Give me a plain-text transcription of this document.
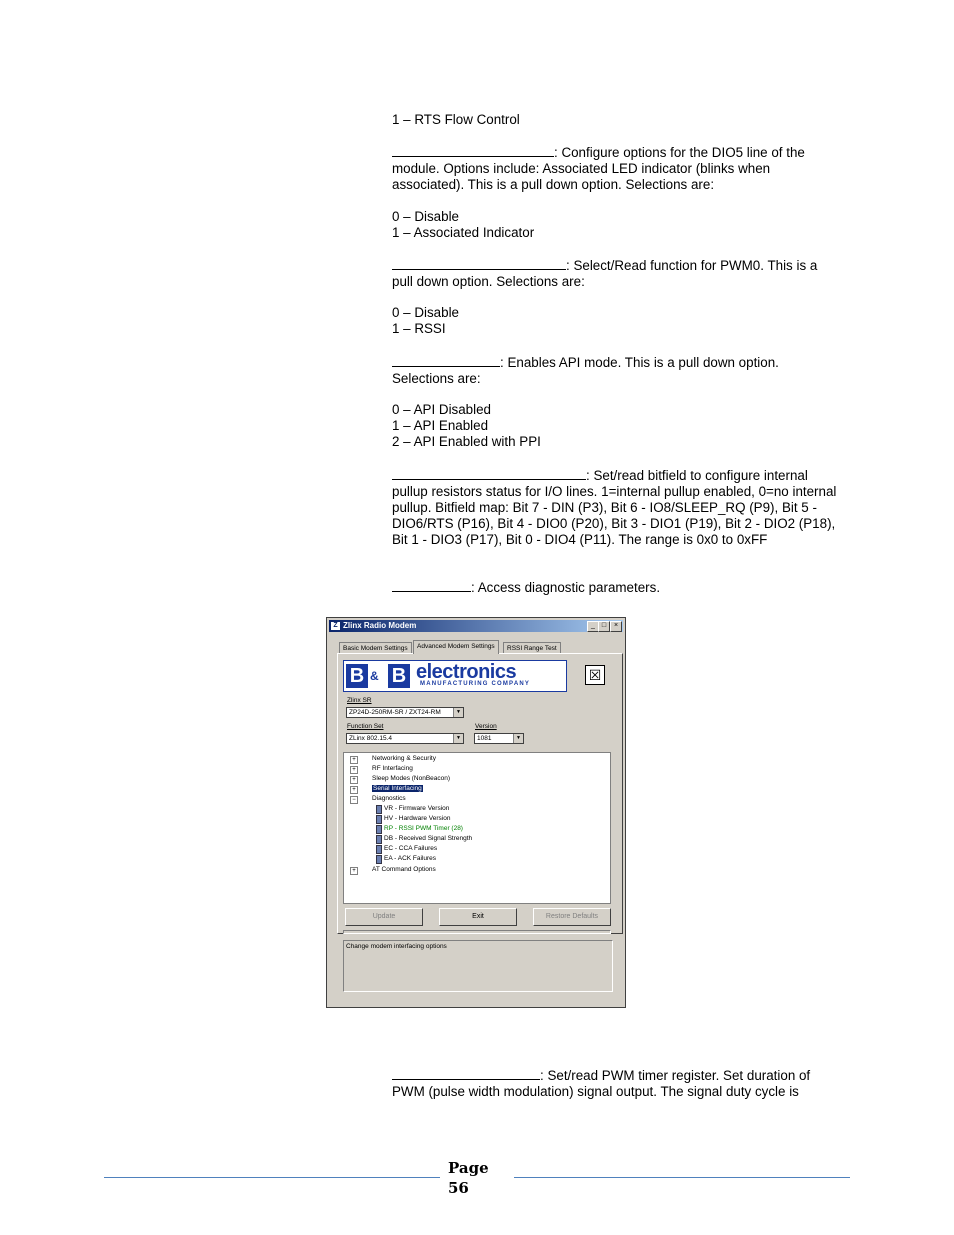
1 – RTS Flow Control
: Configure options for the DIO5 line of the module. Options include: Associated LED indicator (blinks when associated). This is a pull down option. Selections are:
0 – Disable
1 – Associated Indicator
: Select/Read function for PWM0. This is a pull down option. Selections are:
0 – Disable
1 – RSSI
: Enables API mode. This is a pull down option. Selections are:
0 – API Disabled
1 – API Enabled
2 – API Enabled with PPI
: Set/read bitfield to configure internal pullup resistors status for I/O lines. 1=internal pullup enabled, 0=no internal pullup. Bitfield map: Bit 7 - DIN (P3), Bit 6 - IO8/SLEEP_RQ (P9), Bit 5 - DIO6/RTS (P16), Bit 4 - DIO0 (P20), Bit 3 - DIO1 (P19), Bit 2 - DIO2 (P18), Bit 1 - DIO3 (P17), Bit 0 - DIO4 (P11). The range is 0x0 to 0xFF
: Access diagnostic parameters.
Z Zlinx Radio Modem	_ □	×
Basic Modem Settings	Advanced Modem Settings	RSSI Range Test
B & B electronics
MANUFACTURING COMPANY
☒
Zlinx SR
ZP24D-250RM-SR / ZXT24-RM	▼
Function Set
ZLinx 802.15.4	▼
Version
1081	▼
+	Networking & Security
+	RF Interfacing
+	Sleep Modes (NonBeacon)
+	Serial Interfacing
−	Diagnostics
VR - Firmware Version
HV - Hardware Version
RP - RSSI PWM Timer (28)
DB - Received Signal Strength
EC - CCA Failures
EA - ACK Failures
+	AT Command Options
Update	Exit	Restore Defaults
Change modem interfacing options
: Set/read PWM timer register. Set duration of PWM (pulse width modulation) signal output. The signal duty cycle is
Page
56
